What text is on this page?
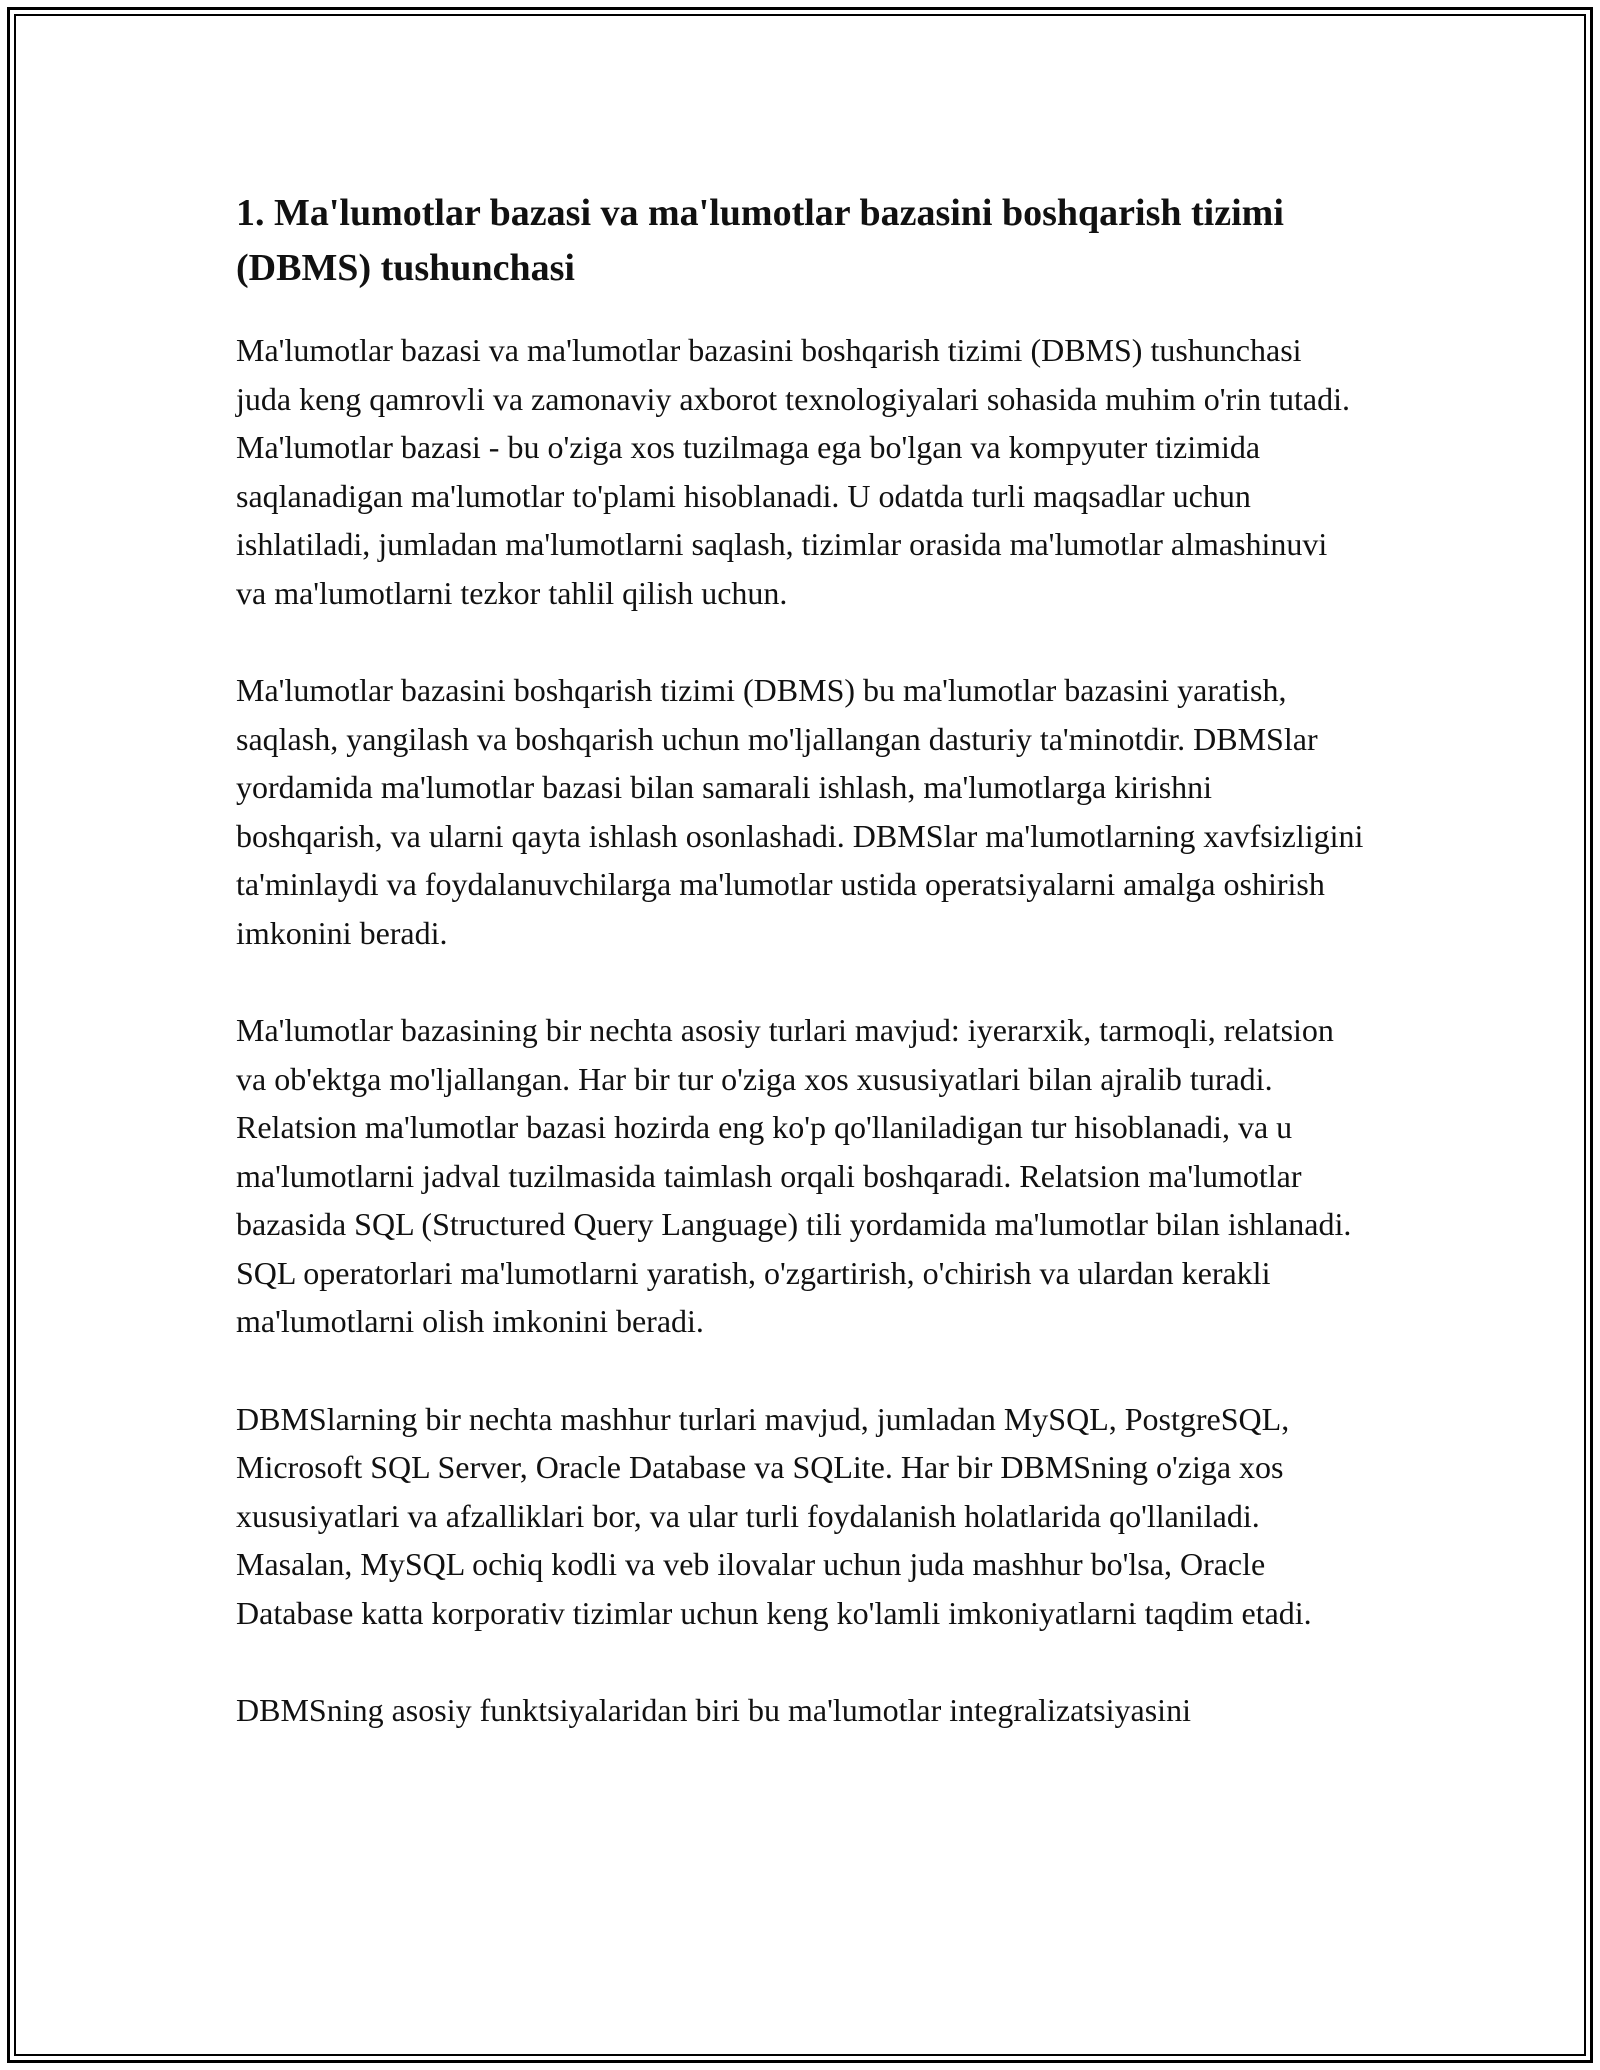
1. Ma'lumotlar bazasi va ma'lumotlar bazasini boshqarish tizimi (DBMS) tushunchasi

Ma'lumotlar bazasi va ma'lumotlar bazasini boshqarish tizimi (DBMS) tushunchasi juda keng qamrovli va zamonaviy axborot texnologiyalari sohasida muhim o'rin tutadi. Ma'lumotlar bazasi - bu o'ziga xos tuzilmaga ega bo'lgan va kompyuter tizimida saqlanadigan ma'lumotlar to'plami hisoblanadi. U odatda turli maqsadlar uchun ishlatiladi, jumladan ma'lumotlarni saqlash, tizimlar orasida ma'lumotlar almashinuvi va ma'lumotlarni tezkor tahlil qilish uchun.

Ma'lumotlar bazasini boshqarish tizimi (DBMS) bu ma'lumotlar bazasini yaratish, saqlash, yangilash va boshqarish uchun mo'ljallangan dasturiy ta'minotdir. DBMSlar yordamida ma'lumotlar bazasi bilan samarali ishlash, ma'lumotlarga kirishni boshqarish, va ularni qayta ishlash osonlashadi. DBMSlar ma'lumotlarning xavfsizligini ta'minlaydi va foydalanuvchilarga ma'lumotlar ustida operatsiyalarni amalga oshirish imkonini beradi.

Ma'lumotlar bazasining bir nechta asosiy turlari mavjud: iyerarxik, tarmoqli, relatsion va ob'ektga mo'ljallangan. Har bir tur o'ziga xos xususiyatlari bilan ajralib turadi. Relatsion ma'lumotlar bazasi hozirda eng ko'p qo'llaniladigan tur hisoblanadi, va u ma'lumotlarni jadval tuzilmasida taimlash orqali boshqaradi. Relatsion ma'lumotlar bazasida SQL (Structured Query Language) tili yordamida ma'lumotlar bilan ishlanadi. SQL operatorlari ma'lumotlarni yaratish, o'zgartirish, o'chirish va ulardan kerakli ma'lumotlarni olish imkonini beradi.

DBMSlarning bir nechta mashhur turlari mavjud, jumladan MySQL, PostgreSQL, Microsoft SQL Server, Oracle Database va SQLite. Har bir DBMSning o'ziga xos xususiyatlari va afzalliklari bor, va ular turli foydalanish holatlarida qo'llaniladi. Masalan, MySQL ochiq kodli va veb ilovalar uchun juda mashhur bo'lsa, Oracle Database katta korporativ tizimlar uchun keng ko'lamli imkoniyatlarni taqdim etadi.

DBMSning asosiy funktsiyalaridan biri bu ma'lumotlar integralizatsiyasini
